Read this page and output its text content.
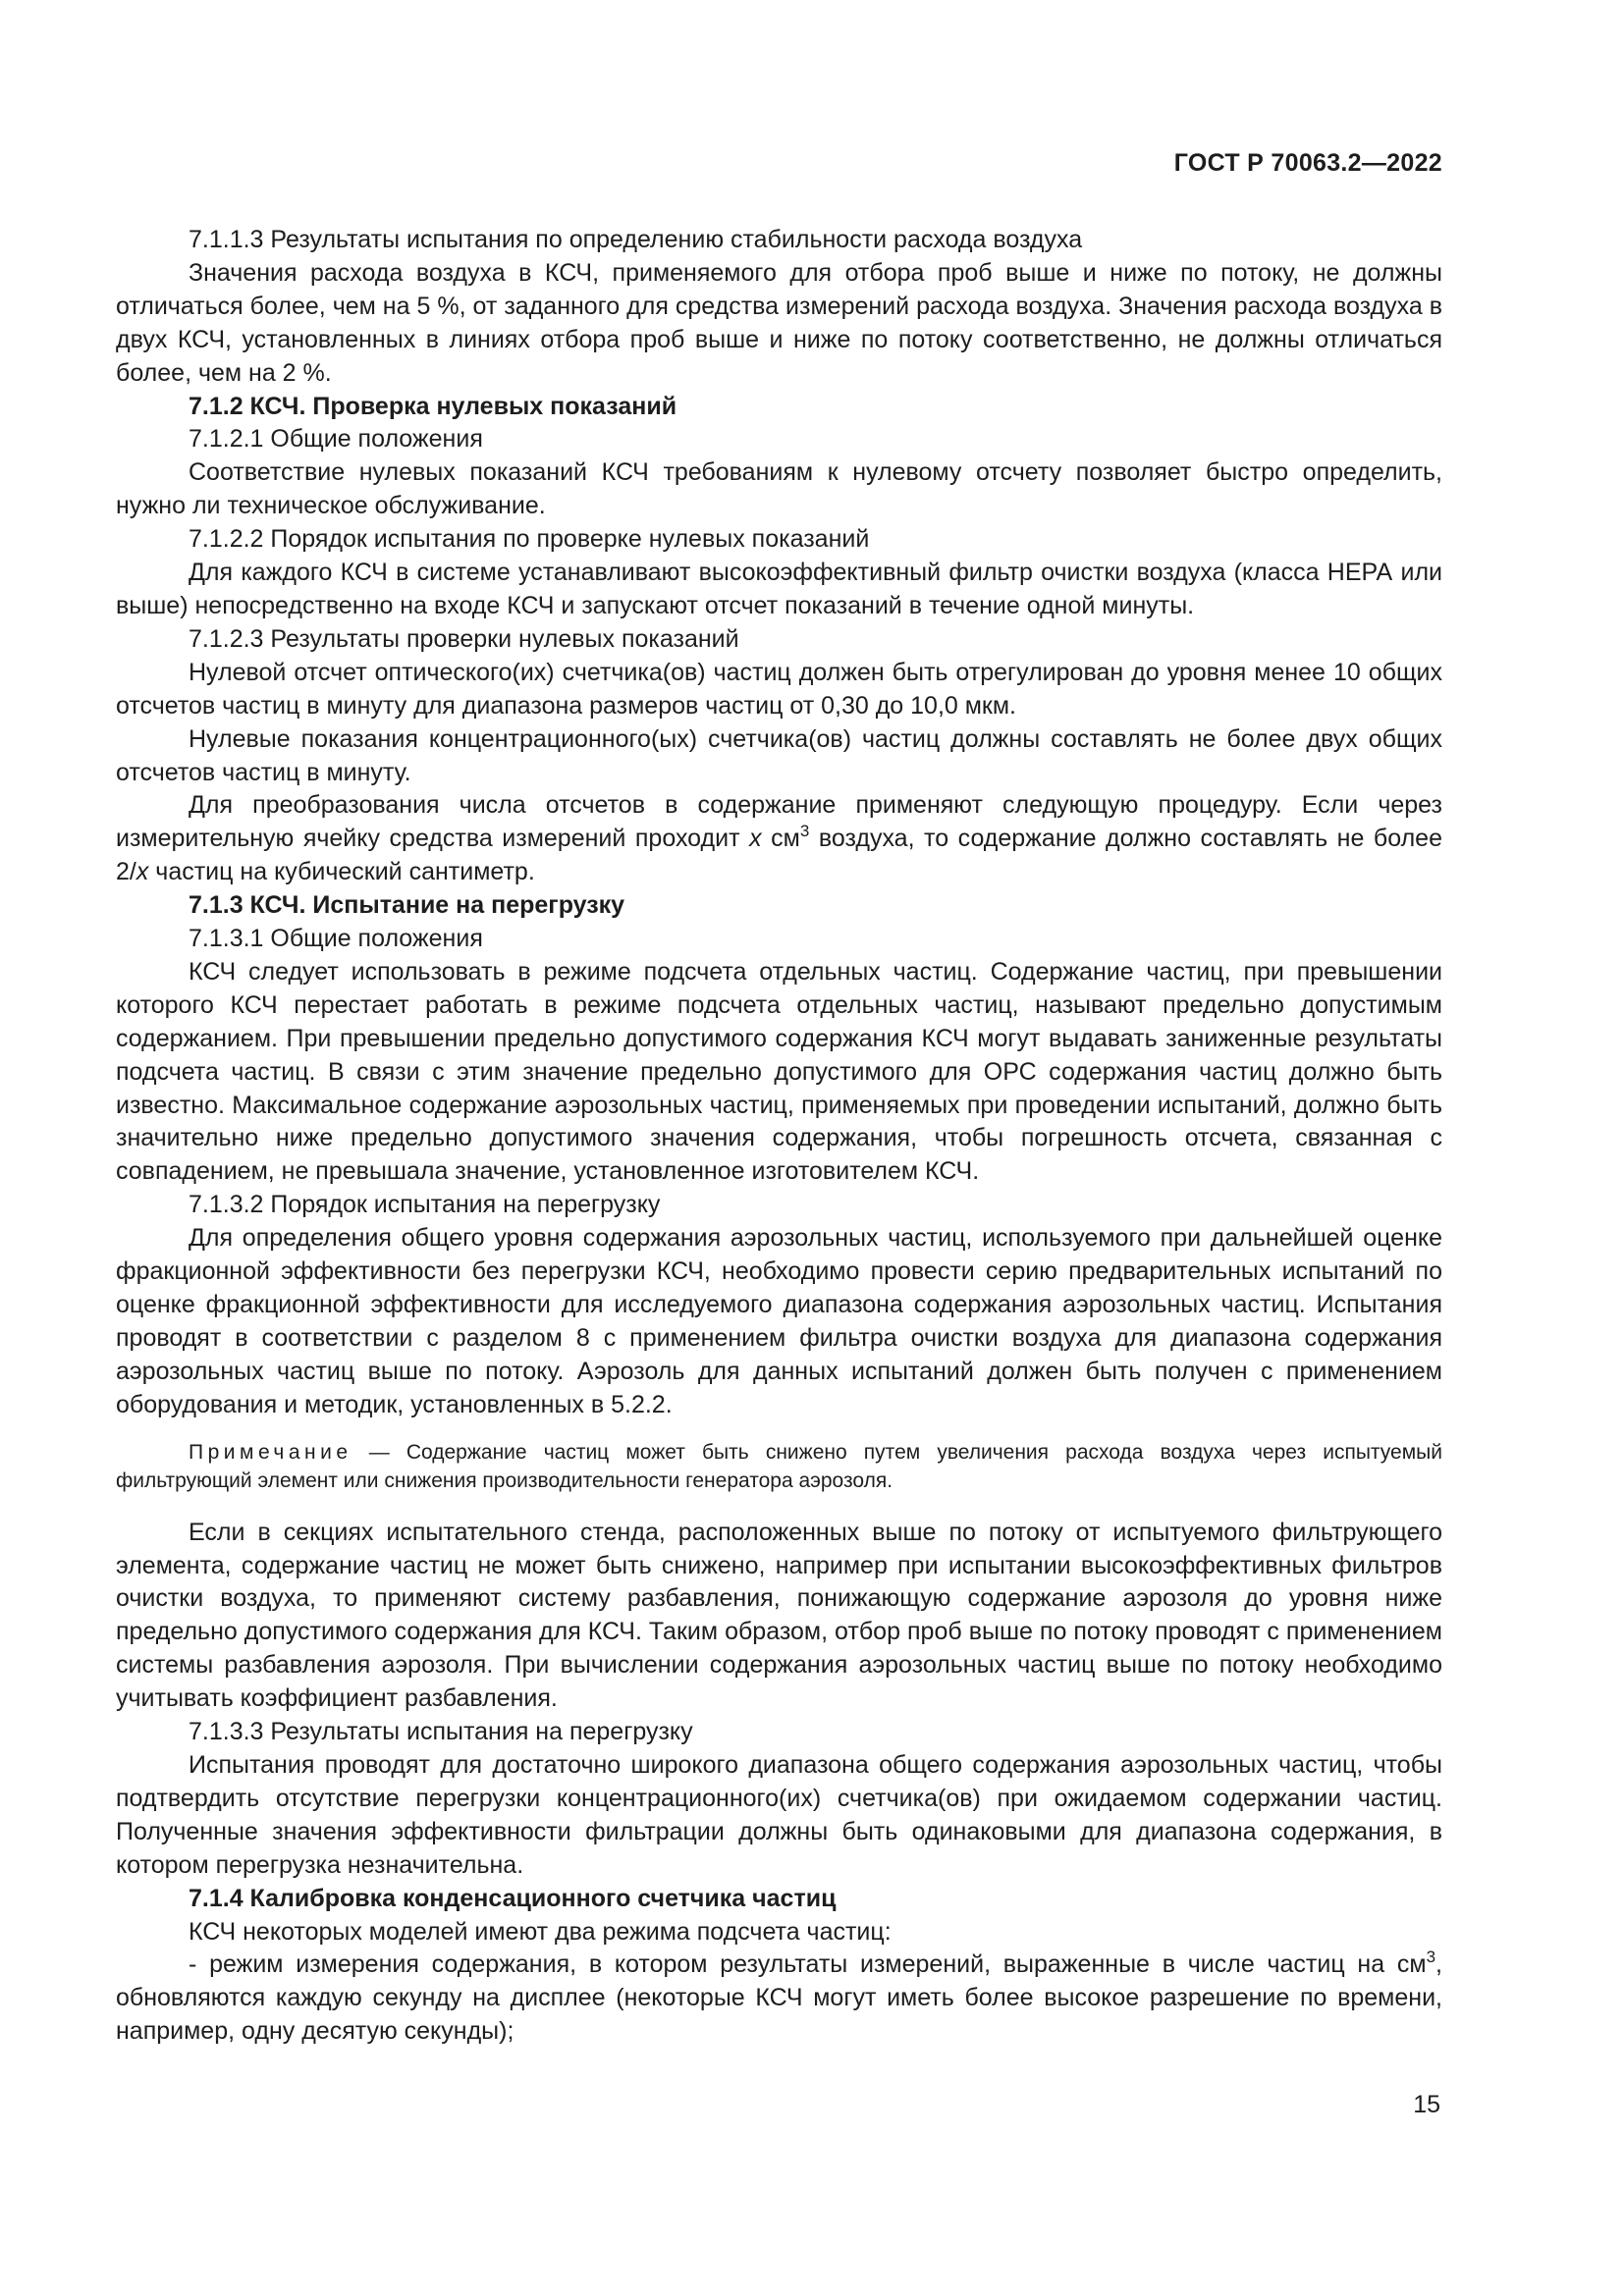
ГОСТ Р 70063.2—2022

7.1.1.3 Результаты испытания по определению стабильности расхода воздуха

Значения расхода воздуха в КСЧ, применяемого для отбора проб выше и ниже по потоку, не должны отличаться более, чем на 5 %, от заданного для средства измерений расхода воздуха. Значения расхода воздуха в двух КСЧ, установленных в линиях отбора проб выше и ниже по потоку соответственно, не должны отличаться более, чем на 2 %.

7.1.2 КСЧ. Проверка нулевых показаний

7.1.2.1 Общие положения

Соответствие нулевых показаний КСЧ требованиям к нулевому отсчету позволяет быстро определить, нужно ли техническое обслуживание.

7.1.2.2 Порядок испытания по проверке нулевых показаний

Для каждого КСЧ в системе устанавливают высокоэффективный фильтр очистки воздуха (класса НЕРА или выше) непосредственно на входе КСЧ и запускают отсчет показаний в течение одной минуты.

7.1.2.3 Результаты проверки нулевых показаний

Нулевой отсчет оптического(их) счетчика(ов) частиц должен быть отрегулирован до уровня менее 10 общих отсчетов частиц в минуту для диапазона размеров частиц от 0,30 до 10,0 мкм.

Нулевые показания концентрационного(ых) счетчика(ов) частиц должны составлять не более двух общих отсчетов частиц в минуту.

Для преобразования числа отсчетов в содержание применяют следующую процедуру. Если через измерительную ячейку средства измерений проходит x $см^3$ воздуха, то содержание должно составлять не более 2/x частиц на кубический сантиметр.

7.1.3 КСЧ. Испытание на перегрузку

7.1.3.1 Общие положения

КСЧ следует использовать в режиме подсчета отдельных частиц. Содержание частиц, при превышении которого КСЧ перестает работать в режиме подсчета отдельных частиц, называют предельно допустимым содержанием. При превышении предельно допустимого содержания КСЧ могут выдавать заниженные результаты подсчета частиц. В связи с этим значение предельно допустимого для ОРС содержания частиц должно быть известно. Максимальное содержание аэрозольных частиц, применяемых при проведении испытаний, должно быть значительно ниже предельно допустимого значения содержания, чтобы погрешность отсчета, связанная с совпадением, не превышала значение, установленное изготовителем КСЧ.

7.1.3.2 Порядок испытания на перегрузку

Для определения общего уровня содержания аэрозольных частиц, используемого при дальнейшей оценке фракционной эффективности без перегрузки КСЧ, необходимо провести серию предварительных испытаний по оценке фракционной эффективности для исследуемого диапазона содержания аэрозольных частиц. Испытания проводят в соответствии с разделом 8 с применением фильтра очистки воздуха для диапазона содержания аэрозольных частиц выше по потоку. Аэрозоль для данных испытаний должен быть получен с применением оборудования и методик, установленных в 5.2.2.

Примечание — Содержание частиц может быть снижено путем увеличения расхода воздуха через испытуемый фильтрующий элемент или снижения производительности генератора аэрозоля.

Если в секциях испытательного стенда, расположенных выше по потоку от испытуемого фильтрующего элемента, содержание частиц не может быть снижено, например при испытании высокоэффективных фильтров очистки воздуха, то применяют систему разбавления, понижающую содержание аэрозоля до уровня ниже предельно допустимого содержания для КСЧ. Таким образом, отбор проб выше по потоку проводят с применением системы разбавления аэрозоля. При вычислении содержания аэрозольных частиц выше по потоку необходимо учитывать коэффициент разбавления.

7.1.3.3 Результаты испытания на перегрузку

Испытания проводят для достаточно широкого диапазона общего содержания аэрозольных частиц, чтобы подтвердить отсутствие перегрузки концентрационного(их) счетчика(ов) при ожидаемом содержании частиц. Полученные значения эффективности фильтрации должны быть одинаковыми для диапазона содержания, в котором перегрузка незначительна.

7.1.4 Калибровка конденсационного счетчика частиц

КСЧ некоторых моделей имеют два режима подсчета частиц:

- режим измерения содержания, в котором результаты измерений, выраженные в числе частиц на $см^3$, обновляются каждую секунду на дисплее (некоторые КСЧ могут иметь более высокое разрешение по времени, например, одну десятую секунды);

15
